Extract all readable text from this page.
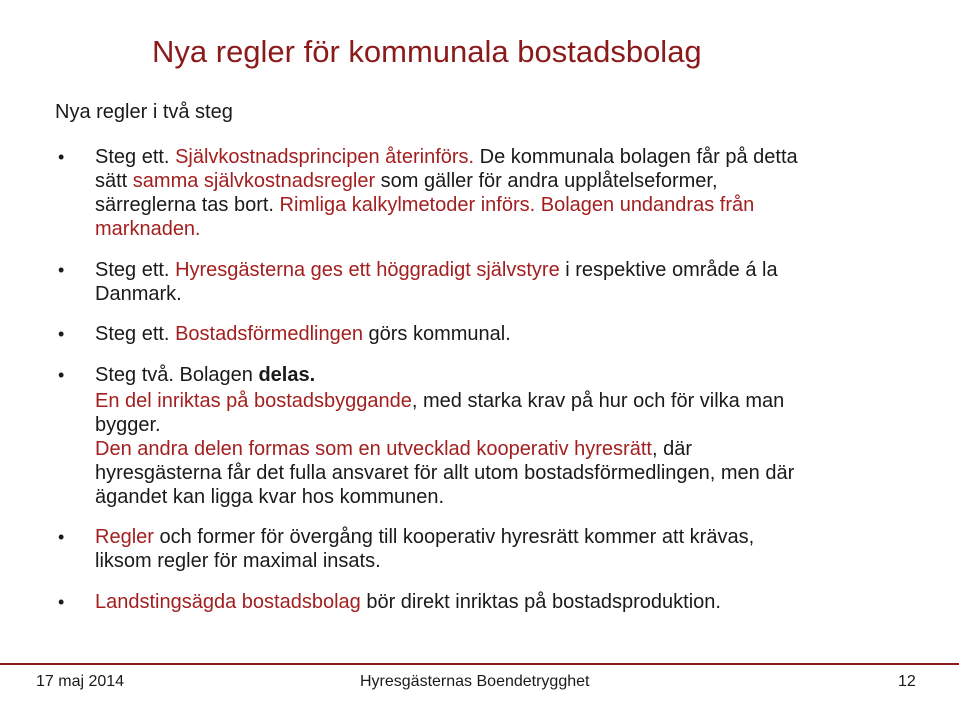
Nya regler för kommunala bostadsbolag
Nya regler i två steg
• Steg ett. Självkostnadsprincipen återinförs. De kommunala bolagen får på detta
sätt samma självkostnadsregler som gäller för andra upplåtelseformer,
särreglerna tas bort. Rimliga kalkylmetoder införs. Bolagen undandras från
marknaden.
• Steg ett. Hyresgästerna ges ett höggradigt självstyre i respektive område á la
Danmark.
• Steg ett. Bostadsförmedlingen görs kommunal.
• Steg två. Bolagen delas.
En del inriktas på bostadsbyggande, med starka krav på hur och för vilka man
bygger.
Den andra delen formas som en utvecklad kooperativ hyresrätt, där
hyresgästerna får det fulla ansvaret för allt utom bostadsförmedlingen, men där
ägandet kan ligga kvar hos kommunen.
• Regler och former för övergång till kooperativ hyresrätt kommer att krävas,
liksom regler för maximal insats.
• Landstingsägda bostadsbolag bör direkt inriktas på bostadsproduktion.
17 maj 2014	Hyresgästernas Boendetrygghet	12
